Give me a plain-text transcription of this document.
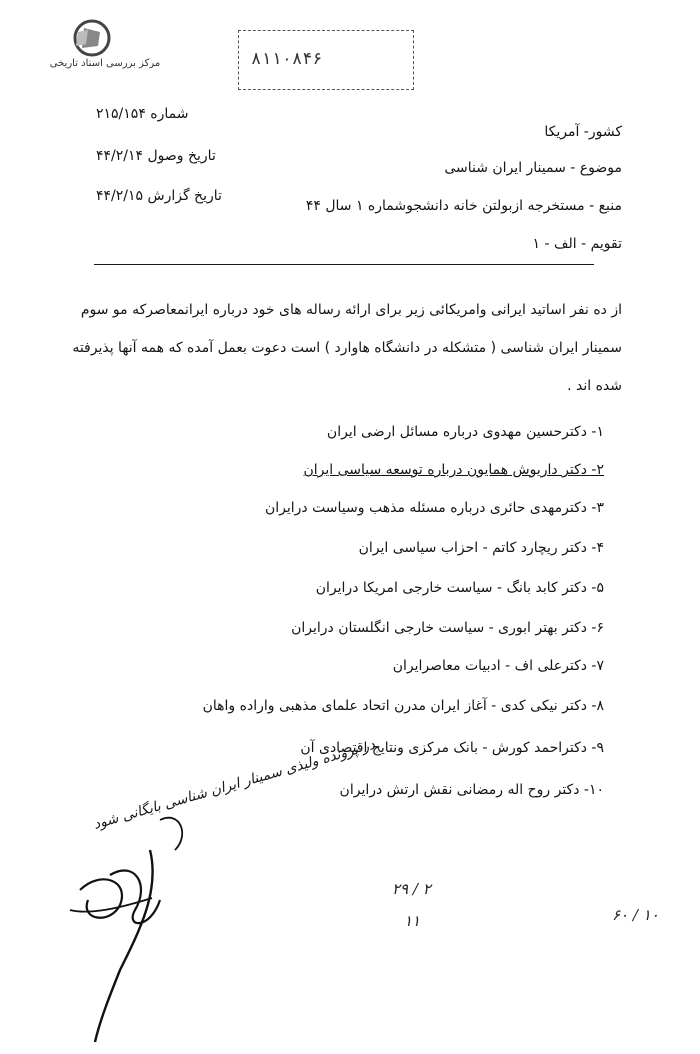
مرکز بررسی اسناد تاریخی	۸۱۱۰۸۴۶
کشور- آمریکا
موضوع - سمینار ایران شناسی
منبع - مستخرجه ازبولتن خانه دانشجوشماره ۱ سال ۴۴
تقویم - الف - ۱
شماره ۲۱۵/۱۵۴
تاریخ وصول ۴۴/۲/۱۴
تاریخ گزارش ۴۴/۲/۱۵
از ده نفر اساتید ایرانی وامریکائی زیر برای ارائه رساله های خود درباره ایرانمعاصرکه مو سوم
سمینار ایران شناسی ( متشکله در دانشگاه هاوارد ) است دعوت بعمل آمده که همه آنها پذیرفته
شده اند .
۱- دکترحسین مهدوی درباره مسائل ارضی ایران
۲- دکتر داریوش همایون درباره توسعه سیاسی ایران
۳- دکترمهدی حائری درباره مسئله مذهب وسیاست درایران
۴- دکتر ریچارد کاتم - احزاب سیاسی ایران
۵- دکتر کابد بانگ - سیاست خارجی امریکا درایران
۶- دکتر بهتر ابوری - سیاست خارجی انگلستان درایران
۷- دکترعلی اف - ادبیات معاصرایران
۸- دکتر نیکی کدی - آغاز ایران مدرن اتحاد علمای مذهبی واراده واهان
۹- دکتراحمد کورش - بانک مرکزی ونتایج اقتصادی آن
۱۰- دکتر روح اله رمضانی نقش ارتش درایران
در پرونده ولیذی سمینار ایران شناسی بایگانی شود
۲۹ / ۲
۱۱	۶۰ / ۱۰
